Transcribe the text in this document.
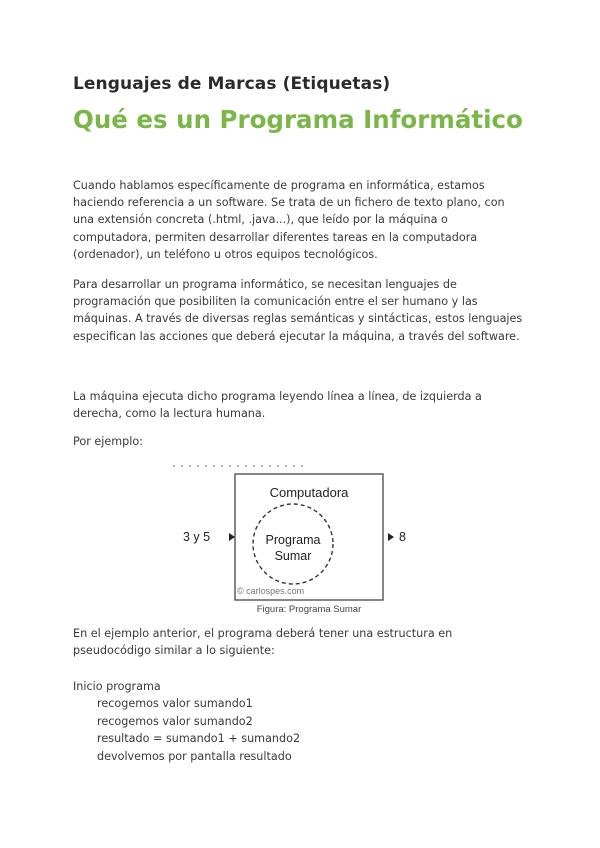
Lenguajes de Marcas (Etiquetas)
Qué es un Programa Informático

Cuando hablamos específicamente de programa en informática, estamos haciendo referencia a un software. Se trata de un fichero de texto plano, con una extensión concreta (.html, .java...), que leído por la máquina o computadora, permiten desarrollar diferentes tareas en la computadora (ordenador), un teléfono u otros equipos tecnológicos.

Para desarrollar un programa informático, se necesitan lenguajes de programación que posibiliten la comunicación entre el ser humano y las máquinas. A través de diversas reglas semánticas y sintácticas, estos lenguajes especifican las acciones que deberá ejecutar la máquina, a través del software.

La máquina ejecuta dicho programa leyendo línea a línea, de izquierda a derecha, como la lectura humana.

Por ejemplo:

Computadora
Programa
Sumar
3 y 5	8
© carlospes.com
Figura: Programa Sumar

En el ejemplo anterior, el programa deberá tener una estructura en pseudocódigo similar a lo siguiente:

Inicio programa
recogemos valor sumando1
recogemos valor sumando2
resultado = sumando1 + sumando2
devolvemos por pantalla resultado
